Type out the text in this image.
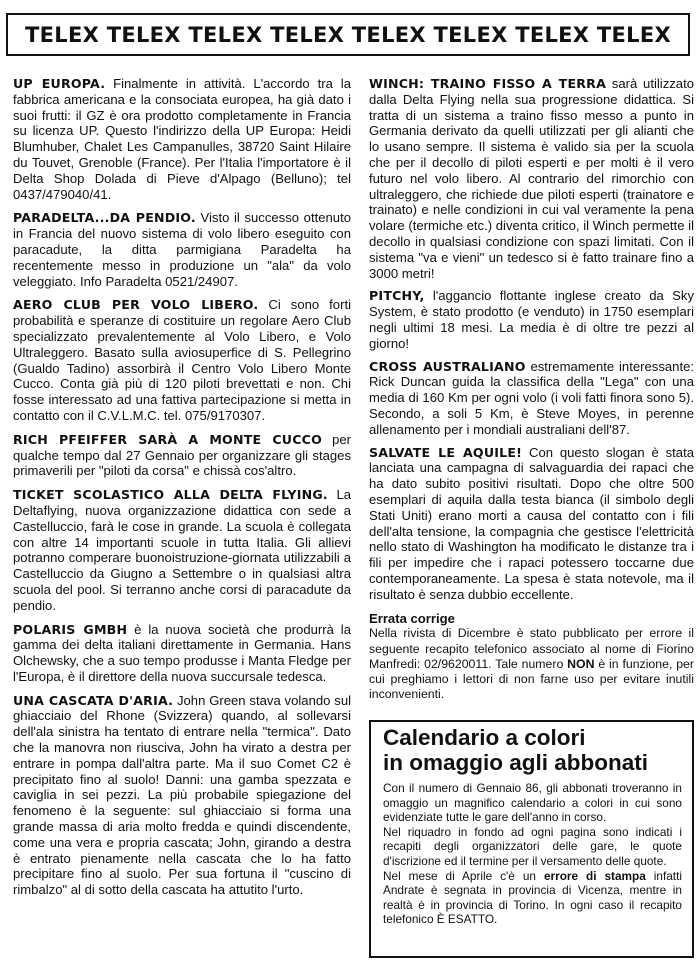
TELEX TELEX TELEX TELEX TELEX TELEX TELEX TELEX

UP EUROPA. Finalmente in attività. L'accordo tra la fabbrica americana e la consociata europea, ha già dato i suoi frutti: il GZ è ora prodotto completamente in Francia su licenza UP. Questo l'indirizzo della UP Europa: Heidi Blumhuber, Chalet Les Campanulles, 38720 Saint Hilaire du Touvet, Grenoble (France). Per l'Italia l'importatore è il Delta Shop Dolada di Pieve d'Alpago (Belluno); tel 0437/479040/41.

PARADELTA...DA PENDIO. Visto il successo ottenuto in Francia del nuovo sistema di volo libero eseguito con paracadute, la ditta parmigiana Paradelta ha recentemente messo in produzione un "ala" da volo veleggiato. Info Paradelta 0521/24907.

AERO CLUB PER VOLO LIBERO. Ci sono forti probabilità e speranze di costituire un regolare Aero Club specializzato prevalentemente al Volo Libero, e Volo Ultraleggero. Basato sulla aviosuperfice di S. Pellegrino (Gualdo Tadino) assorbirà il Centro Volo Libero Monte Cucco. Conta già più di 120 piloti brevettati e non. Chi fosse interessato ad una fattiva partecipazione si metta in contatto con il C.V.L.M.C. tel. 075/9170307.

RICH PFEIFFER SARÀ A MONTE CUCCO per qualche tempo dal 27 Gennaio per organizzare gli stages primaverili per "piloti da corsa" e chissà cos'altro.

TICKET SCOLASTICO ALLA DELTA FLYING. La Deltaflying, nuova organizzazione didattica con sede a Castelluccio, farà le cose in grande. La scuola è collegata con altre 14 importanti scuole in tutta Italia. Gli allievi potranno comperare buonoistruzione-giornata utilizzabili a Castelluccio da Giugno a Settembre o in qualsiasi altra scuola del pool. Si terranno anche corsi di paracadute da pendio.

POLARIS GMBH è la nuova società che produrrà la gamma dei delta italiani direttamente in Germania. Hans Olchewsky, che a suo tempo produsse i Manta Fledge per l'Europa, è il direttore della nuova succursale tedesca.

UNA CASCATA D'ARIA. John Green stava volando sul ghiacciaio del Rhone (Svizzera) quando, al sollevarsi dell'ala sinistra ha tentato di entrare nella "termica". Dato che la manovra non riusciva, John ha virato a destra per entrare in pompa dall'altra parte. Ma il suo Comet C2 è precipitato fino al suolo! Danni: una gamba spezzata e caviglia in sei pezzi. La più probabile spiegazione del fenomeno è la seguente: sul ghiacciaio si forma una grande massa di aria molto fredda e quindi discendente, come una vera e propria cascata; John, girando a destra è entrato pienamente nella cascata che lo ha fatto precipitare fino al suolo. Per sua fortuna il "cuscino di rimbalzo" al di sotto della cascata ha attutito l'urto.

WINCH: TRAINO FISSO A TERRA sarà utilizzato dalla Delta Flying nella sua progressione didattica. Si tratta di un sistema a traino fisso messo a punto in Germania derivato da quelli utilizzati per gli alianti che lo usano sempre. Il sistema è valido sia per la scuola che per il decollo di piloti esperti e per molti è il vero futuro nel volo libero. Al contrario del rimorchio con ultraleggero, che richiede due piloti esperti (trainatore e trainato) e nelle condizioni in cui val veramente la pena volare (termiche etc.) diventa critico, il Winch permette il decollo in qualsiasi condizione con spazi limitati. Con il sistema "va e vieni" un tedesco si è fatto trainare fino a 3000 metri!

PITCHY, l'aggancio flottante inglese creato da Sky System, è stato prodotto (e venduto) in 1750 esemplari negli ultimi 18 mesi. La media è di oltre tre pezzi al giorno!

CROSS AUSTRALIANO estremamente interessante: Rick Duncan guida la classifica della "Lega" con una media di 160 Km per ogni volo (i voli fatti finora sono 5). Secondo, a soli 5 Km, è Steve Moyes, in perenne allenamento per i mondiali australiani dell'87.

SALVATE LE AQUILE! Con questo slogan è stata lanciata una campagna di salvaguardia dei rapaci che ha dato subito positivi risultati. Dopo che oltre 500 esemplari di aquila dalla testa bianca (il simbolo degli Stati Uniti) erano morti a causa del contatto con i fili dell'alta tensione, la compagnia che gestisce l'elettricità nello stato di Washington ha modificato le distanze tra i fili per impedire che i rapaci potessero toccarne due contemporaneamente. La spesa è stata notevole, ma il risultato è senza dubbio eccellente.

Errata corrige
Nella rivista di Dicembre è stato pubblicato per errore il seguente recapito telefonico associato al nome di Fiorino Manfredi: 02/9620011. Tale numero NON è in funzione, per cui preghiamo i lettori di non farne uso per evitare inutili inconvenienti.
Calendario a colori
in omaggio agli abbonati

Con il numero di Gennaio 86, gli abbonati troveranno in omaggio un magnifico calendario a colori in cui sono evidenziate tutte le gare dell'anno in corso.

Nel riquadro in fondo ad ogni pagina sono indicati i recapiti degli organizzatori delle gare, le quote d'iscrizione ed il termine per il versamento delle quote.

Nel mese di Aprile c'è un errore di stampa infatti Andrate è segnata in provincia di Vicenza, mentre in realtà è in provincia di Torino. In ogni caso il recapito telefonico È ESATTO.
